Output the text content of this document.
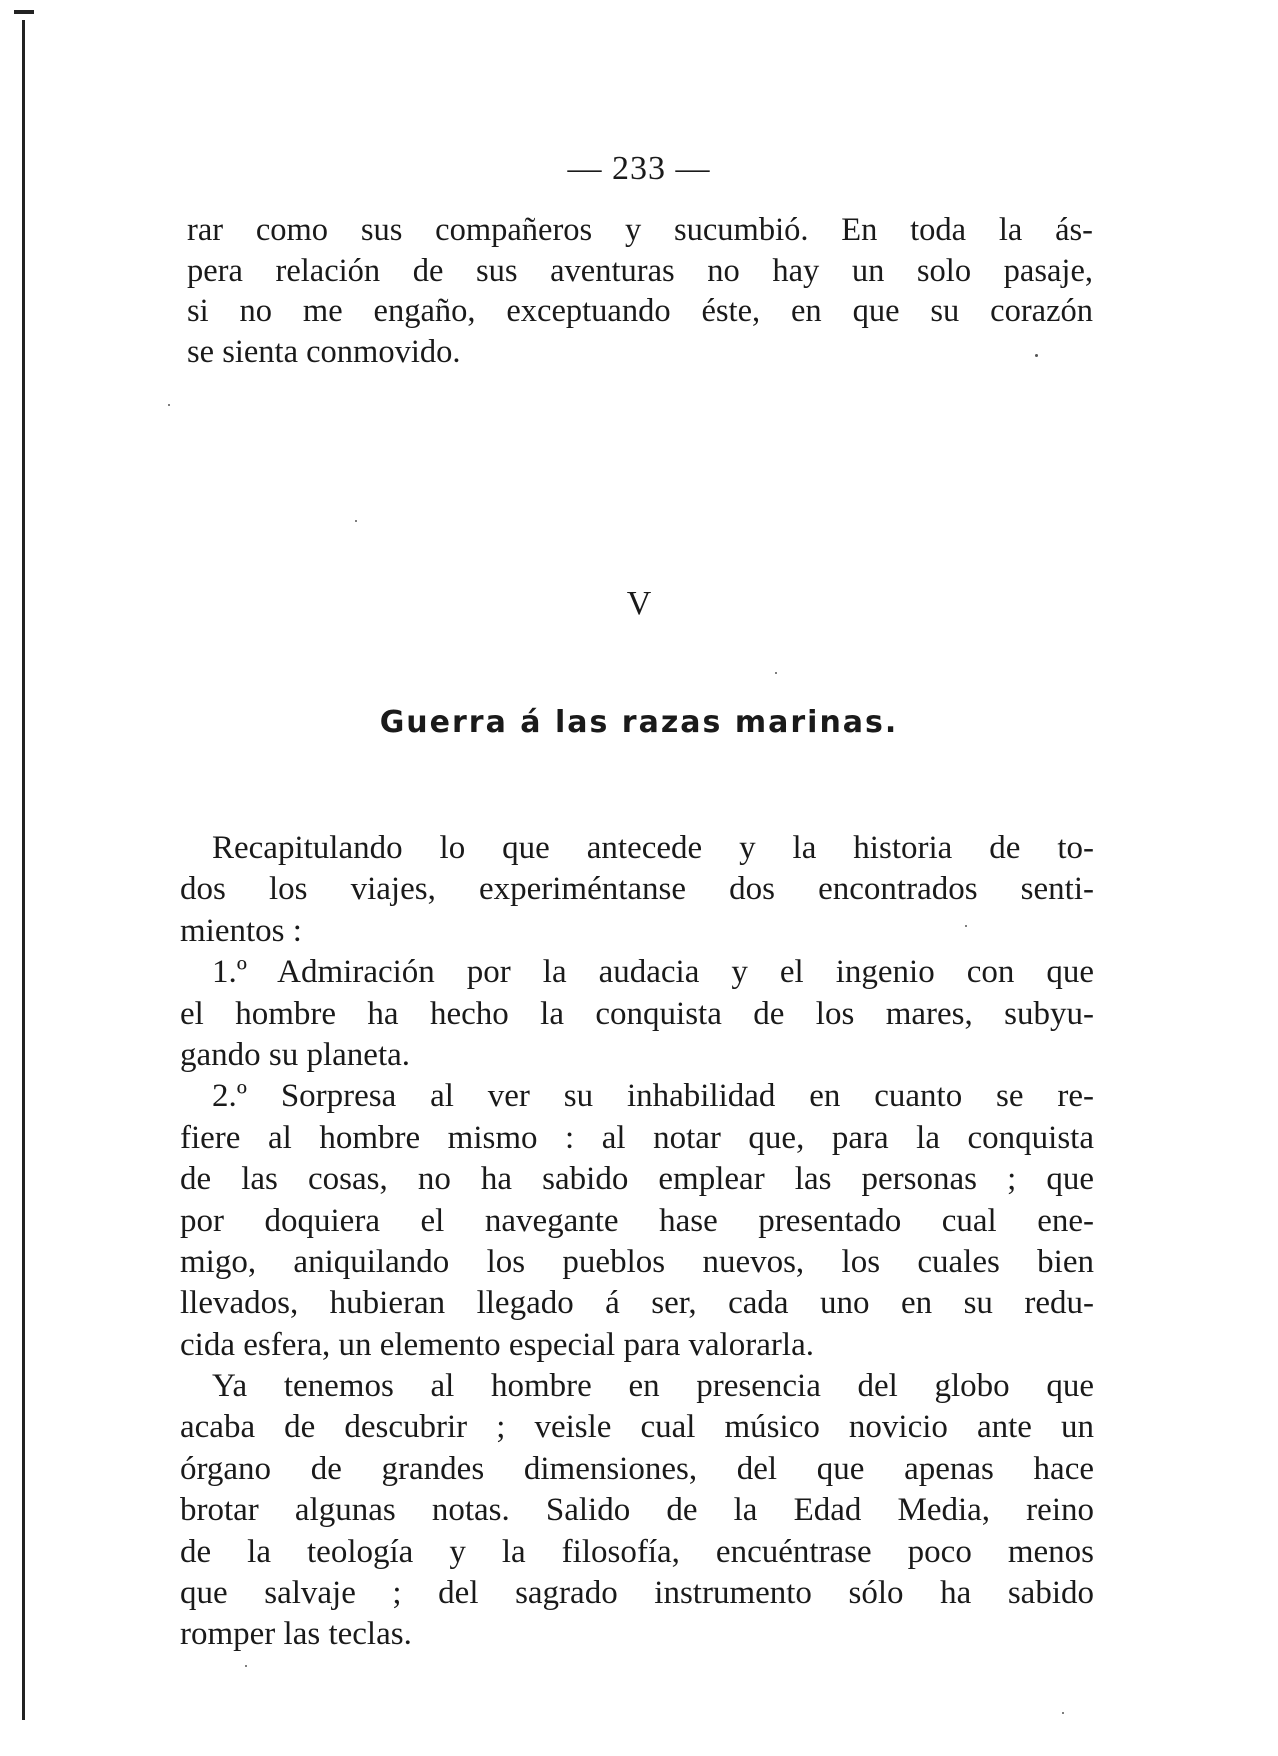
— 233 —
rar como sus compañeros y sucumbió. En toda la ás-
pera relación de sus aventuras no hay un solo pasaje,
si no me engaño, exceptuando éste, en que su corazón
se sienta conmovido.
V
Guerra á las razas marinas.
Recapitulando lo que antecede y la historia de to-
dos los viajes, experiméntanse dos encontrados senti-
mientos :
1.º Admiración por la audacia y el ingenio con que
el hombre ha hecho la conquista de los mares, subyu-
gando su planeta.
2.º Sorpresa al ver su inhabilidad en cuanto se re-
fiere al hombre mismo : al notar que, para la conquista
de las cosas, no ha sabido emplear las personas ; que
por doquiera el navegante hase presentado cual ene-
migo, aniquilando los pueblos nuevos, los cuales bien
llevados, hubieran llegado á ser, cada uno en su redu-
cida esfera, un elemento especial para valorarla.
Ya tenemos al hombre en presencia del globo que
acaba de descubrir ; veisle cual músico novicio ante un
órgano de grandes dimensiones, del que apenas hace
brotar algunas notas. Salido de la Edad Media, reino
de la teología y la filosofía, encuéntrase poco menos
que salvaje ; del sagrado instrumento sólo ha sabido
romper las teclas.
